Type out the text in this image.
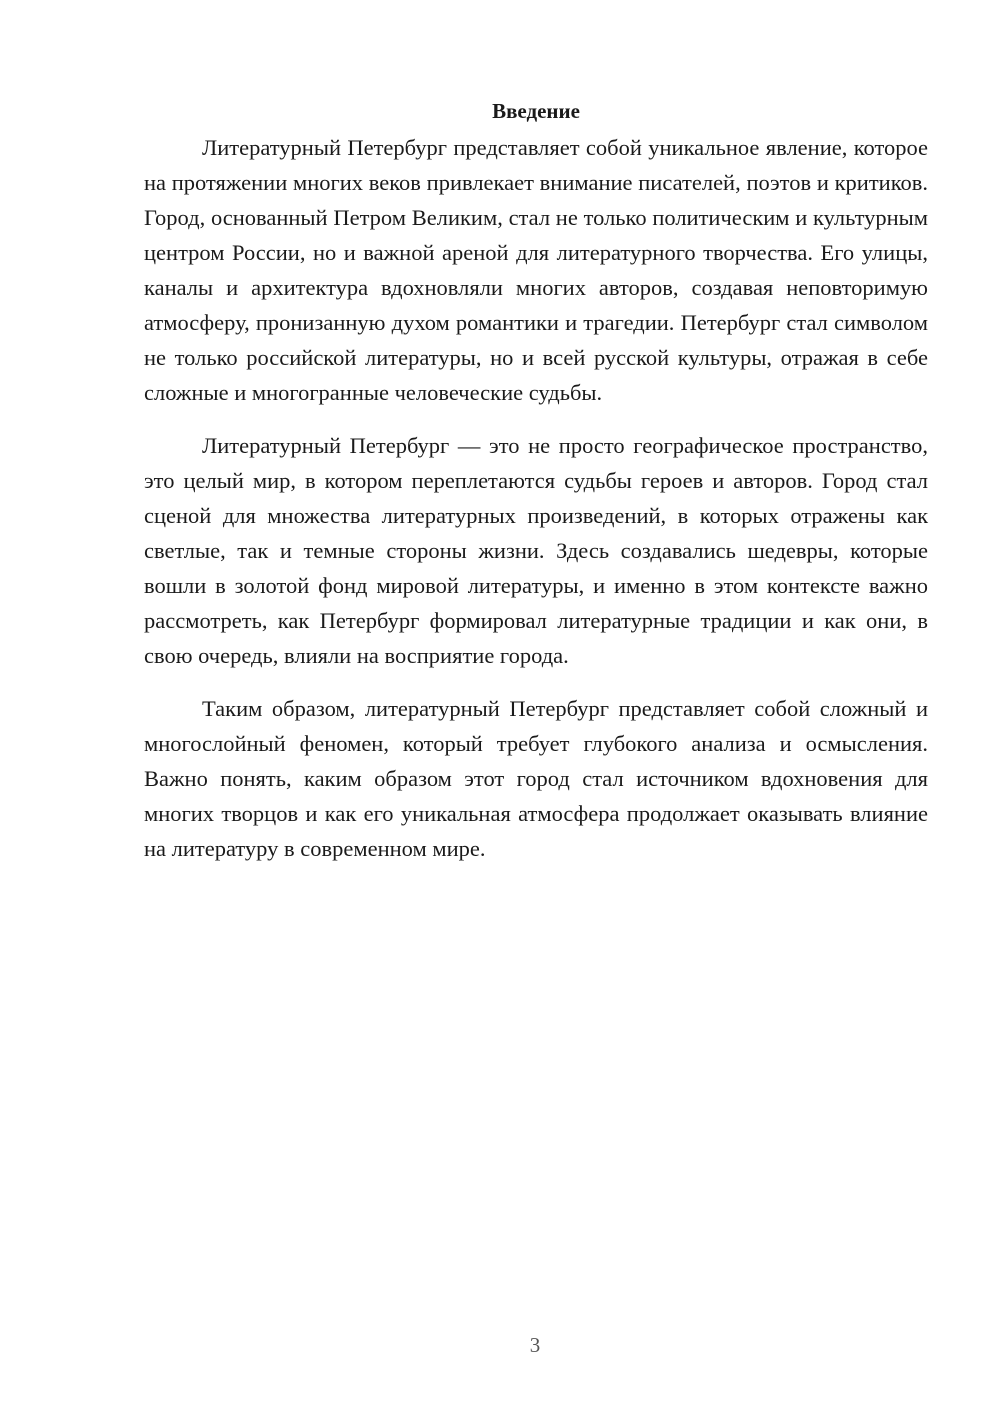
Введение

Литературный Петербург представляет собой уникальное явление, которое на протяжении многих веков привлекает внимание писателей, поэтов и критиков. Город, основанный Петром Великим, стал не только политическим и культурным центром России, но и важной ареной для литературного творчества. Его улицы, каналы и архитектура вдохновляли многих авторов, создавая неповторимую атмосферу, пронизанную духом романтики и трагедии. Петербург стал символом не только российской литературы, но и всей русской культуры, отражая в себе сложные и многогранные человеческие судьбы.

Литературный Петербург — это не просто географическое пространство, это целый мир, в котором переплетаются судьбы героев и авторов. Город стал сценой для множества литературных произведений, в которых отражены как светлые, так и темные стороны жизни. Здесь создавались шедевры, которые вошли в золотой фонд мировой литературы, и именно в этом контексте важно рассмотреть, как Петербург формировал литературные традиции и как они, в свою очередь, влияли на восприятие города.

Таким образом, литературный Петербург представляет собой сложный и многослойный феномен, который требует глубокого анализа и осмысления. Важно понять, каким образом этот город стал источником вдохновения для многих творцов и как его уникальная атмосфера продолжает оказывать влияние на литературу в современном мире.

3
